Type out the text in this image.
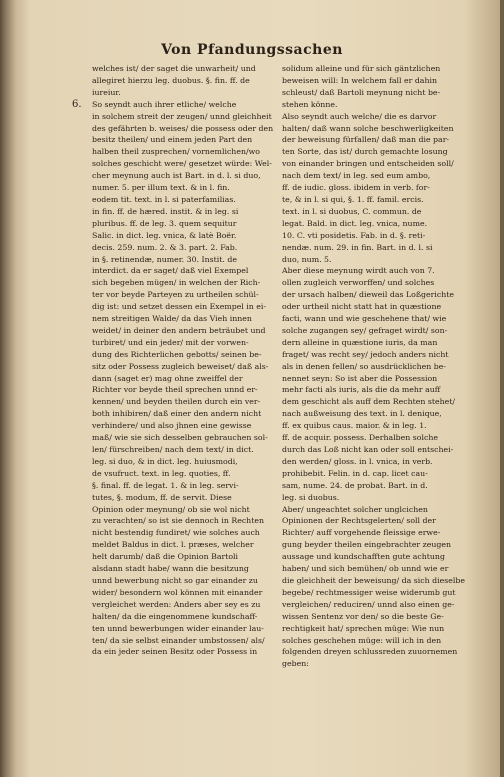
Von Pfandungssachen
6.
welches ist/ der saget die unwarheit/ und
allegiret hierzu leg. duobus. §. fin. ff. de
iureiur.
So seyndt auch ihrer etliche/ welche
in solchem streit der zeugen/ unnd gleichheit
des gefährten b. weises/ die possess oder den
besitz theilen/ und einem jeden Part den
halben theil zusprechen/ vornemlichen/wo
solches geschicht were/ gesetzet würde: Wel-
cher meynung auch ist Bart. in d. l. si duo,
numer. 5. per illum text. & in l. fin.
eodem tit. text. in l. si paterfamilias.
in fin. ff. de hæred. instit. & in leg. si
pluribus. ff. de leg. 3. quem sequitur
Salic. in dict. leg. vnica, & latè Boër.
decis. 259. num. 2. & 3. part. 2. Fab.
in §. retinendæ, numer. 30. Instit. de
interdict. da er saget/ daß viel Exempel
sich begeben mügen/ in welchen der Rich-
ter vor beyde Parteyen zu urtheilen schül-
dig ist: und setzet dessen ein Exempel in ei-
nem streitigen Walde/ da das Vieh innen
weidet/ in deiner den andern beträubet und
turbiret/ und ein jeder/ mit der vorwen-
dung des Richterlichen gebotts/ seinen be-
sitz oder Possess zugleich beweiset/ daß als-
dann (saget er) mag ohne zweiffel der
Richter vor beyde theil sprechen unnd er-
kennen/ und beyden theilen durch ein ver-
both inhibiren/ daß einer den andern nicht
verhindere/ und also jhnen eine gewisse
maß/ wie sie sich desselben gebrauchen sol-
len/ fürschreiben/ nach dem text/ in dict.
leg. si duo, & in dict. leg. huiusmodi,
de vsufruct. text. in leg. quoties, ff.
§. final. ff. de legat. 1. & in leg. servi-
tutes, §. modum, ff. de servit. Diese
Opinion oder meynung/ ob sie wol nicht
zu verachten/ so ist sie dennoch in Rechten
nicht bestendig fundiret/ wie solches auch
meldet Baldus in dict. l. præses, welcher
helt darumb/ daß die Opinion Bartoli
alsdann stadt habe/ wann die besitzung
unnd bewerbung nicht so gar einander zu
wider/ besondern wol können mit einander
vergleichet werden: Anders aber sey es zu
halten/ da die eingenommene kundschaff-
ten unnd bewerbungen wider einander lau-
ten/ da sie selbst einander umbstossen/ als/
da ein jeder seinen Besitz oder Possess in
solidum alleine und für sich gäntzlichen
beweisen will: In welchem fall er dahin
schleust/ daß Bartoli meynung nicht be-
stehen könne.
Also seyndt auch welche/ die es darvor
halten/ daß wann solche beschwerligkeiten
der beweisung fürfallen/ daß man die par-
ten Sorte, das ist/ durch gemachte losung
von einander bringen und entscheiden soll/
nach dem text/ in leg. sed eum ambo,
ff. de iudic. gloss. ibidem in verb. for-
te, & in l. si qui, §. 1. ff. famil. ercis.
text. in l. si duobus, C. commun. de
legat. Bald. in dict. leg. vnica, nume.
10. C. vti posidetis. Fab. in d. §. reti-
nendæ. num. 29. in fin. Bart. in d. l. si
duo, num. 5.
Aber diese meynung wirdt auch von 7.
ollen zugleich verworffen/ und solches
der ursach halben/ dieweil das Loßgerichte
oder urtheil nicht statt hat in quæstione
facti, wann und wie geschehene that/ wie
solche zugangen sey/ gefraget wirdt/ son-
dern alleine in quæstione iuris, da man
fraget/ was recht sey/ jedoch anders nicht
als in denen fellen/ so ausdrücklichen be-
nennet seyn: So ist aber die Possession
mehr facti als iuris, als die da mehr auff
dem geschicht als auff dem Rechten stehet/
nach außweisung des text. in l. denique,
ff. ex quibus caus. maior. & in leg. 1.
ff. de acquir. possess. Derhalben solche
durch das Loß nicht kan oder soll entschei-
den werden/ gloss. in l. vnica, in verb.
prohibebit. Felin. in d. cap. licet cau-
sam, nume. 24. de probat. Bart. in d.
leg. si duobus.
Aber/ ungeachtet solcher unglcichen
Opinionen der Rechtsgelerten/ soll der
Richter/ auff vorgehende fleissige erwe-
gung beyder theilen eingebrachter zeugen
aussage und kundschafften gute achtung
haben/ und sich bemühen/ ob unnd wie er
die gleichheit der beweisung/ da sich dieselbe
begebe/ rechtmessiger weise widerumb gut
vergleichen/ reduciren/ unnd also einen ge-
wissen Sentenz vor den/ so die beste Ge-
rechtigkeit hat/ sprechen müge: Wie nun
solches geschehen müge: will ich in den
folgenden dreyen schlussreden zuuornemen
geben:
